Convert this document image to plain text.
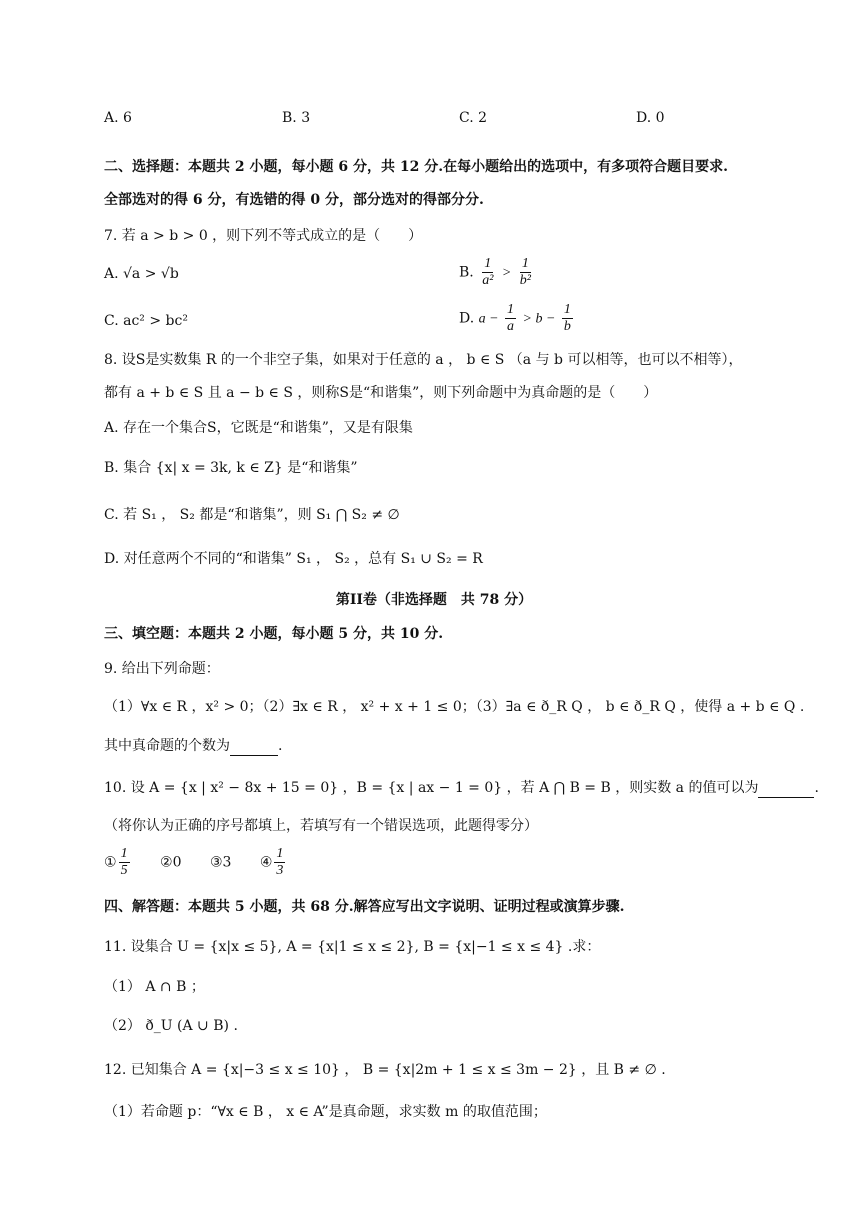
A. 6	B. 3	C. 2	D. 0
二、选择题：本题共 2 小题，每小题 6 分，共 12 分.在每小题给出的选项中，有多项符合题目要求.
全部选对的得 6 分，有选错的得 0 分，部分选对的得部分分.
7. 若 a > b > 0 ，则下列不等式成立的是（　　）
A. √a > √b	B. $\frac{1}{\text{a²}} > \frac{1}{\text{b²}}$
C. ac² > bc²	D. $a - \frac{1}{a} > b - \frac{1}{b}$
8. 设S是实数集 R 的一个非空子集，如果对于任意的 a ， b ∈ S （a 与 b 可以相等，也可以不相等），
都有 a + b ∈ S 且 a − b ∈ S ，则称S是“和谐集”，则下列命题中为真命题的是（　　）
A. 存在一个集合S，它既是“和谐集”，又是有限集
B. 集合 {x| x = 3k, k ∈ Z} 是“和谐集”
C. 若 S₁ ， S₂ 都是“和谐集”，则 S₁ ⋂ S₂ ≠ ∅
D. 对任意两个不同的“和谐集” S₁ ， S₂ ，总有 S₁ ∪ S₂ = R
第II卷（非选择题　共 78 分）
三、填空题：本题共 2 小题，每小题 5 分，共 10 分.
9. 给出下列命题：
（1）∀x ∈ R ，x² > 0；（2）∃x ∈ R ， x² + x + 1 ≤ 0；（3）∃a ∈ ð_R Q ， b ∈ ð_R Q ，使得 a + b ∈ Q .
其中真命题的个数为	.
10. 设 A = {x | x² − 8x + 15 = 0} ，B = {x | ax − 1 = 0} ，若 A ⋂ B = B ，则实数 a 的值可以为	.
（将你认为正确的序号都填上，若填写有一个错误选项，此题得零分）
① $\frac{1}{5}$ ②0 ③3 ④ $\frac{1}{3}$
四、解答题：本题共 5 小题，共 68 分.解答应写出文字说明、证明过程或演算步骤.
11. 设集合 U = {x|x ≤ 5}, A = {x|1 ≤ x ≤ 2}, B = {x|−1 ≤ x ≤ 4} .求：
（1） A ∩ B ；
（2） ð_U (A ∪ B) .
12. 已知集合 A = {x|−3 ≤ x ≤ 10} ， B = {x|2m + 1 ≤ x ≤ 3m − 2} ，且 B ≠ ∅ .
（1）若命题 p：“∀x ∈ B ， x ∈ A”是真命题，求实数 m 的取值范围；
